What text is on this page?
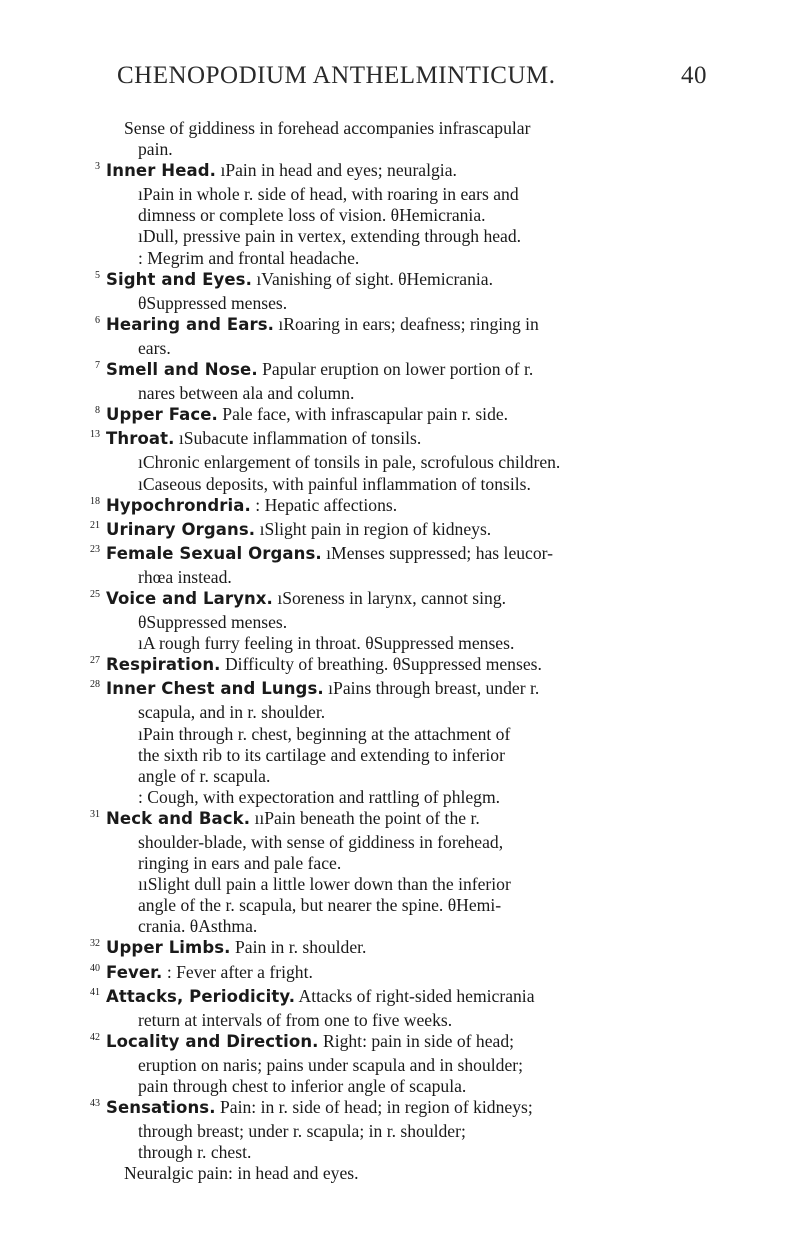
CHENOPODIUM ANTHELMINTICUM.	40
Sense of giddiness in forehead accompanies infrascapular
pain.
3 Inner Head. ıPain in head and eyes; neuralgia.
ıPain in whole r. side of head, with roaring in ears and
dimness or complete loss of vision. θHemicrania.
ıDull, pressive pain in vertex, extending through head.
: Megrim and frontal headache.
5 Sight and Eyes. ıVanishing of sight. θHemicrania.
θSuppressed menses.
6 Hearing and Ears. ıRoaring in ears; deafness; ringing in
ears.
7 Smell and Nose. Papular eruption on lower portion of r.
nares between ala and column.
8 Upper Face. Pale face, with infrascapular pain r. side.
13 Throat. ıSubacute inflammation of tonsils.
ıChronic enlargement of tonsils in pale, scrofulous children.
ıCaseous deposits, with painful inflammation of tonsils.
18 Hypochrondria. : Hepatic affections.
21 Urinary Organs. ıSlight pain in region of kidneys.
23 Female Sexual Organs. ıMenses suppressed; has leucor-
rhœa instead.
25 Voice and Larynx. ıSoreness in larynx, cannot sing.
θSuppressed menses.
ıA rough furry feeling in throat. θSuppressed menses.
27 Respiration. Difficulty of breathing. θSuppressed menses.
28 Inner Chest and Lungs. ıPains through breast, under r.
scapula, and in r. shoulder.
ıPain through r. chest, beginning at the attachment of
the sixth rib to its cartilage and extending to inferior
angle of r. scapula.
: Cough, with expectoration and rattling of phlegm.
31 Neck and Back. ııPain beneath the point of the r.
shoulder-blade, with sense of giddiness in forehead,
ringing in ears and pale face.
ııSlight dull pain a little lower down than the inferior
angle of the r. scapula, but nearer the spine. θHemi-
crania. θAsthma.
32 Upper Limbs. Pain in r. shoulder.
40 Fever. : Fever after a fright.
41 Attacks, Periodicity. Attacks of right-sided hemicrania
return at intervals of from one to five weeks.
42 Locality and Direction. Right: pain in side of head;
eruption on naris; pains under scapula and in shoulder;
pain through chest to inferior angle of scapula.
43 Sensations. Pain: in r. side of head; in region of kidneys;
through breast; under r. scapula; in r. shoulder;
through r. chest.
Neuralgic pain: in head and eyes.
